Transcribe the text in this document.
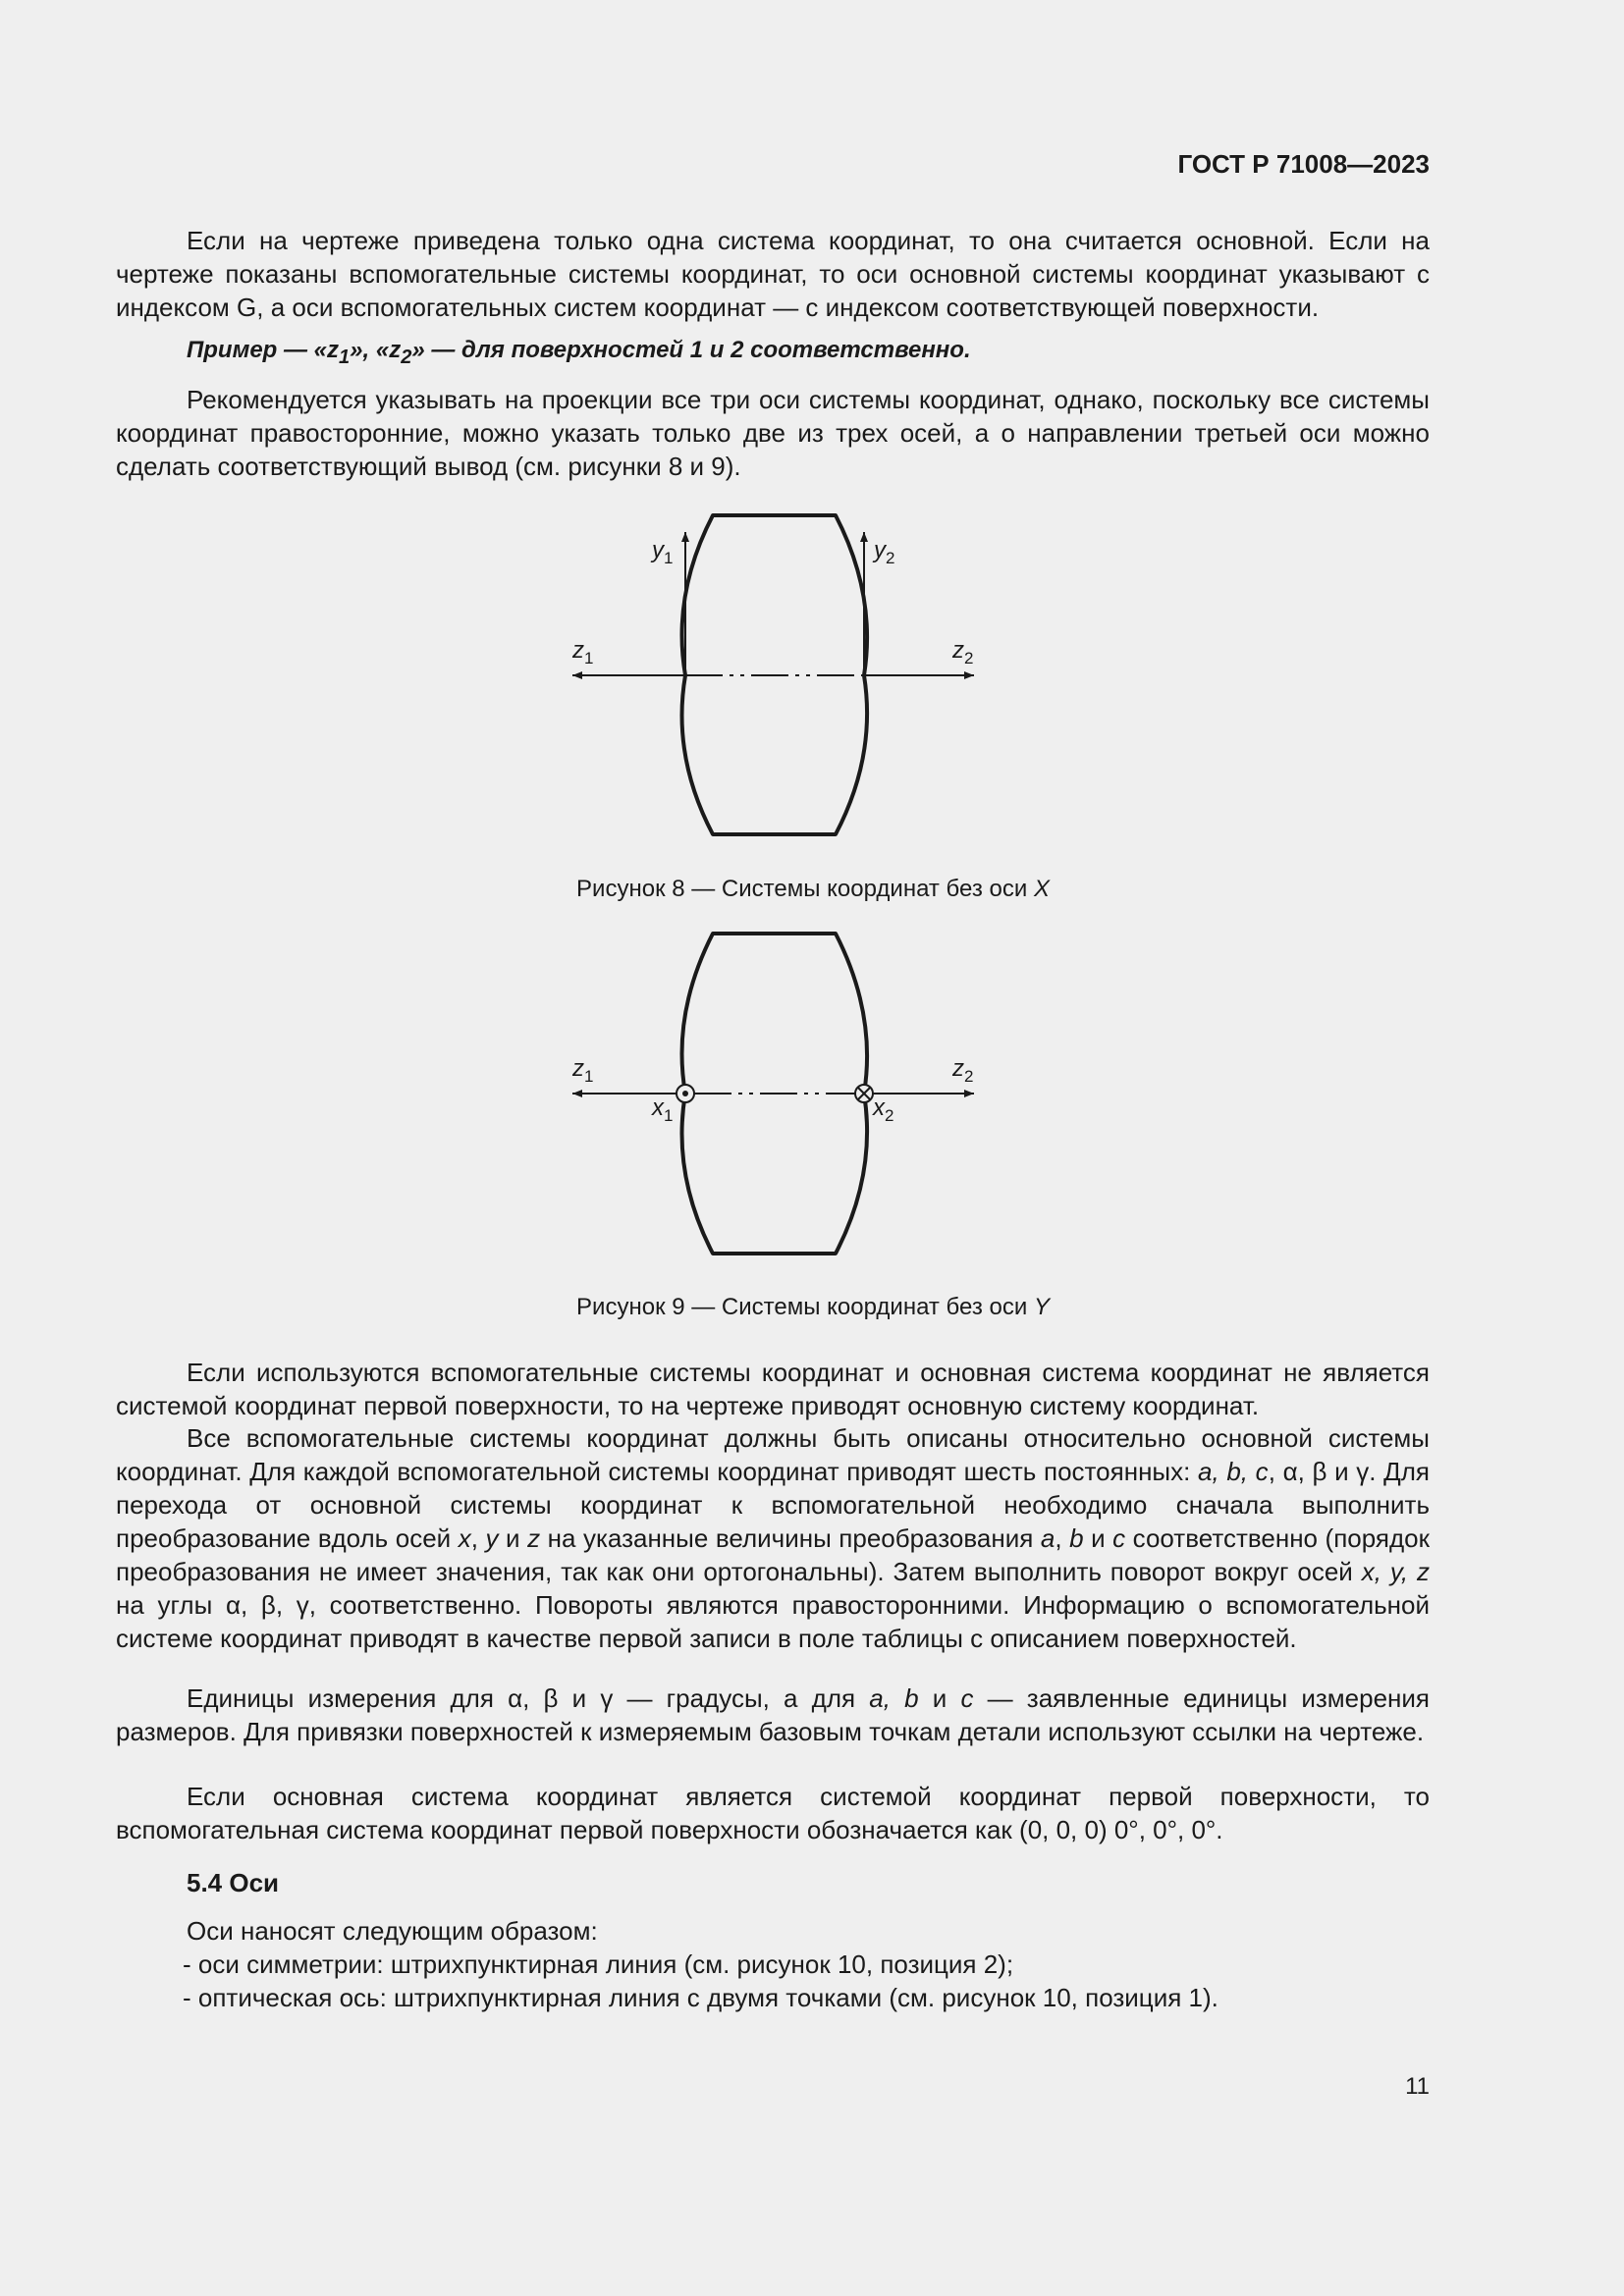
ГОСТ Р 71008—2023

Если на чертеже приведена только одна система координат, то она считается основной. Если на чертеже показаны вспомогательные системы координат, то оси основной системы координат указывают с индексом G, а оси вспомогательных систем координат — с индексом соответствующей поверхности.

Пример — «$z_1$», «$z_2$» — для поверхностей 1 и 2 соответственно.

Рекомендуется указывать на проекции все три оси системы координат, однако, поскольку все системы координат правосторонние, можно указать только две из трех осей, а о направлении третьей оси можно сделать соответствующий вывод (см. рисунки 8 и 9).

$y_1$	$y_2$
$z_1$	$z_2$
$z_1$	$z_2$
$x_1$	$x_2$
Рисунок 8 — Системы координат без оси X
Рисунок 9 — Системы координат без оси Y

Если используются вспомогательные системы координат и основная система координат не является системой координат первой поверхности, то на чертеже приводят основную систему координат.

Все вспомогательные системы координат должны быть описаны относительно основной системы координат. Для каждой вспомогательной системы координат приводят шесть постоянных: a, b, c, α, β и γ. Для перехода от основной системы координат к вспомогательной необходимо сначала выполнить преобразование вдоль осей x, y и z на указанные величины преобразования a, b и c соответственно (порядок преобразования не имеет значения, так как они ортогональны). Затем выполнить поворот вокруг осей x, y, z на углы α, β, γ, соответственно. Повороты являются правосторонними. Информацию о вспомогательной системе координат приводят в качестве первой записи в поле таблицы с описанием поверхностей.

Единицы измерения для α, β и γ — градусы, а для a, b и c — заявленные единицы измерения размеров. Для привязки поверхностей к измеряемым базовым точкам детали используют ссылки на чертеже.

Если основная система координат является системой координат первой поверхности, то вспомогательная система координат первой поверхности обозначается как (0, 0, 0) 0°, 0°, 0°.

5.4 Оси
Оси наносят следующим образом:
- оси симметрии: штрихпунктирная линия (см. рисунок 10, позиция 2);
- оптическая ось: штрихпунктирная линия с двумя точками (см. рисунок 10, позиция 1).
11
